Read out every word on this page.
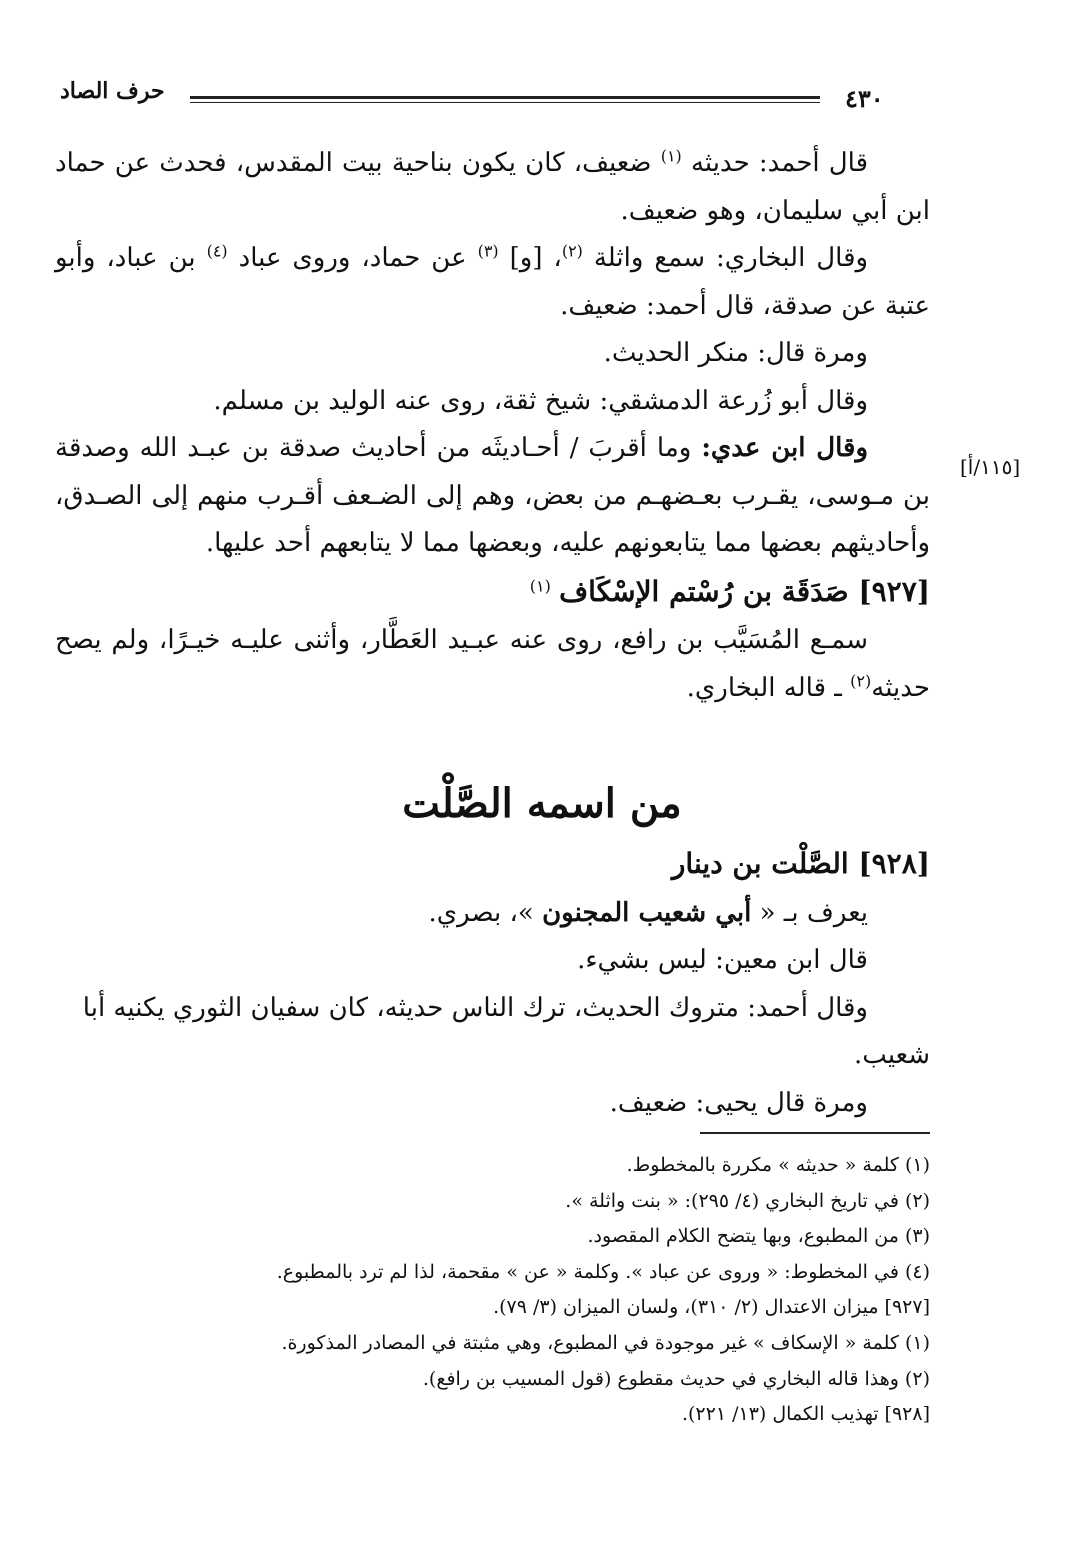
حرف الصاد	٤٣٠
[١١٥/أ]

قال أحمد: حديثه $^{(١)}$ ضعيف، كان يكون بناحية بيت المقدس، فحدث عن حماد ابن أبي سليمان، وهو ضعيف.

وقال البخاري: سمع واثلة $^{(٢)}$، [و] $^{(٣)}$ عن حماد، وروى عباد $^{(٤)}$ بن عباد، وأبو عتبة عن صدقة، قال أحمد: ضعيف.

ومرة قال: منكر الحديث.

وقال أبو زُرعة الدمشقي: شيخ ثقة، روى عنه الوليد بن مسلم.

وقال ابن عدي: وما أقربَ / أحـاديثَه من أحاديث صدقة بن عبـد الله وصدقة بن مـوسى، يقـرب بعـضهـم من بعض، وهم إلى الضـعف أقـرب منهم إلى الصـدق، وأحاديثهم بعضها مما يتابعونهم عليه، وبعضها مما لا يتابعهم أحد عليها.

[٩٢٧] صَدَقَة بن رُسْتم الإسْكَاف $^{(١)}$

سمـع المُسَيَّب بن رافع، روى عنه عبـيد العَطَّار، وأثنى عليـه خيـرًا، ولم يصح حديثه$^{(٢)}$ ـ قاله البخاري.

من اسمه الصَّلْت

[٩٢٨] الصَّلْت بن دينار

يعرف بـ « أبي شعيب المجنون »، بصري.

قال ابن معين: ليس بشيء.

وقال أحمد: متروك الحديث، ترك الناس حديثه، كان سفيان الثوري يكنيه أبا شعيب.

ومرة قال يحيى: ضعيف.

(١) كلمة « حديثه » مكررة بالمخطوط.

(٢) في تاريخ البخاري (٤/ ٢٩٥): « بنت واثلة ».

(٣) من المطبوع، وبها يتضح الكلام المقصود.

(٤) في المخطوط: « وروى عن عباد ». وكلمة « عن » مقحمة، لذا لم ترد بالمطبوع.

[٩٢٧] ميزان الاعتدال (٢/ ٣١٠)، ولسان الميزان (٣/ ٧٩).

(١) كلمة « الإسكاف » غير موجودة في المطبوع، وهي مثبتة في المصادر المذكورة.

(٢) وهذا قاله البخاري في حديث مقطوع (قول المسيب بن رافع).

[٩٢٨] تهذيب الكمال (١٣/ ٢٢١).
